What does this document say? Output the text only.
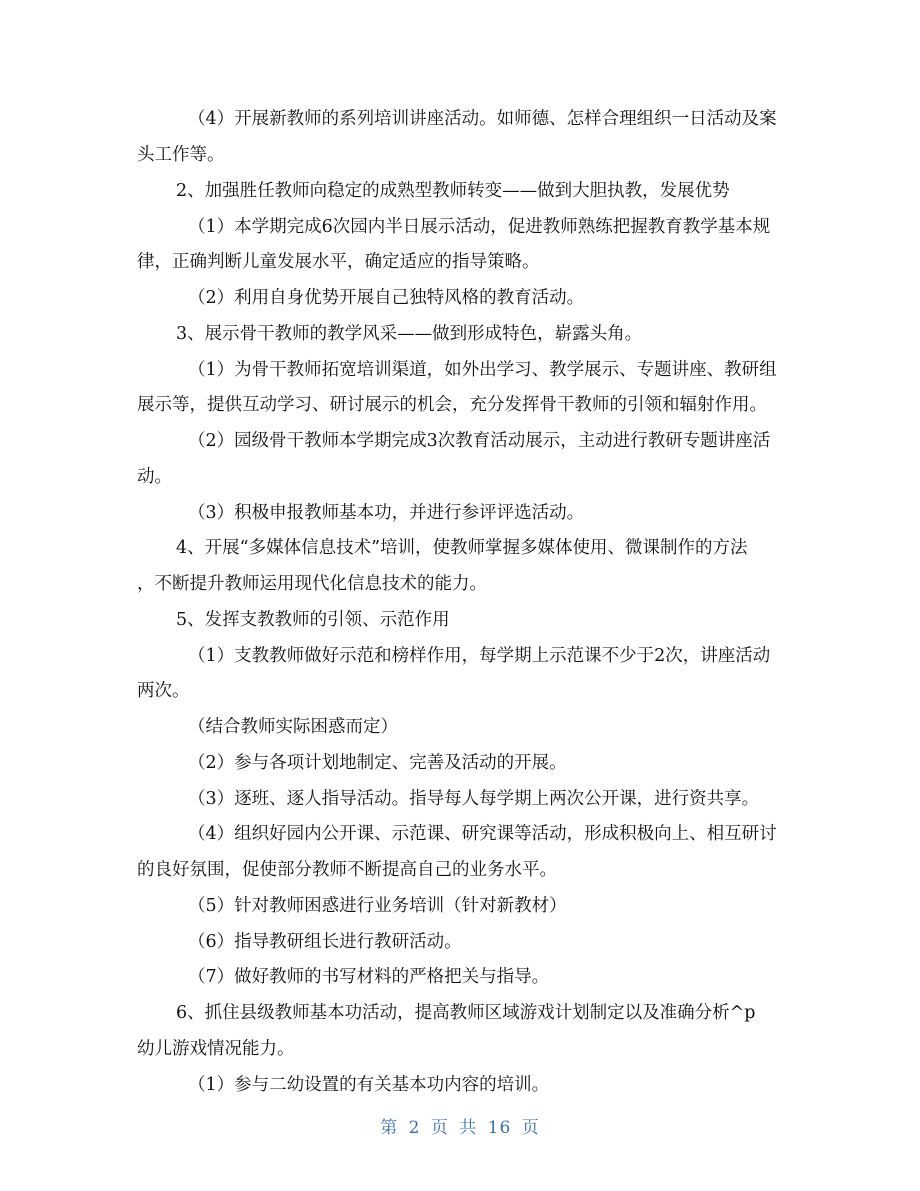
（4）开展新教师的系列培训讲座活动。如师德、怎样合理组织一日活动及案
头工作等。
2、加强胜任教师向稳定的成熟型教师转变——做到大胆执教，发展优势
（1）本学期完成6次园内半日展示活动，促进教师熟练把握教育教学基本规
律，正确判断儿童发展水平，确定适应的指导策略。
（2）利用自身优势开展自己独特风格的教育活动。
3、展示骨干教师的教学风采——做到形成特色，崭露头角。
（1）为骨干教师拓宽培训渠道，如外出学习、教学展示、专题讲座、教研组
展示等，提供互动学习、研讨展示的机会，充分发挥骨干教师的引领和辐射作用。
（2）园级骨干教师本学期完成3次教育活动展示，主动进行教研专题讲座活
动。
（3）积极申报教师基本功，并进行参评评选活动。
4、开展“多媒体信息技术”培训，使教师掌握多媒体使用、微课制作的方法
，不断提升教师运用现代化信息技术的能力。
5、发挥支教教师的引领、示范作用
（1）支教教师做好示范和榜样作用，每学期上示范课不少于2次，讲座活动
两次。
（结合教师实际困惑而定）
（2）参与各项计划地制定、完善及活动的开展。
（3）逐班、逐人指导活动。指导每人每学期上两次公开课，进行资共享。
（4）组织好园内公开课、示范课、研究课等活动，形成积极向上、相互研讨
的良好氛围，促使部分教师不断提高自己的业务水平。
（5）针对教师困惑进行业务培训（针对新教材）
（6）指导教研组长进行教研活动。
（7）做好教师的书写材料的严格把关与指导。
6、抓住县级教师基本功活动，提高教师区域游戏计划制定以及准确分析^p
幼儿游戏情况能力。
（1）参与二幼设置的有关基本功内容的培训。
第 2 页 共 16 页
